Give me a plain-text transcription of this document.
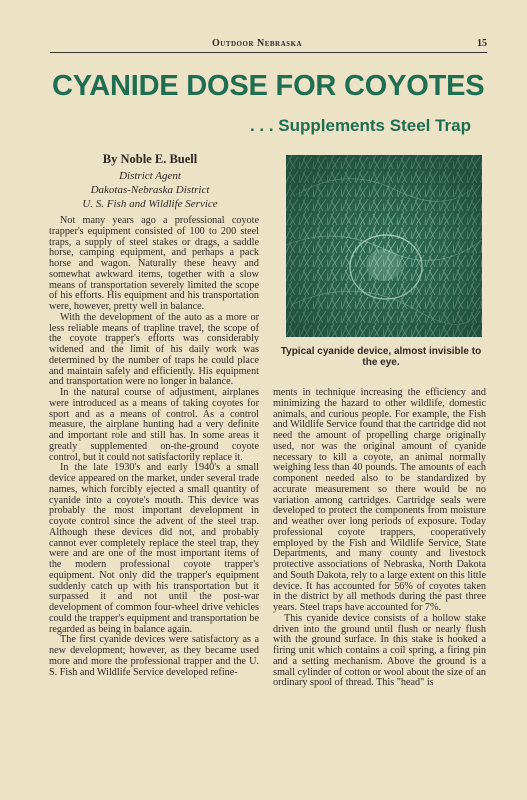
Outdoor Nebraska	15
CYANIDE DOSE FOR COYOTES
. . . Supplements Steel Trap
By Noble E. Buell
District Agent
Dakotas-Nebraska District
U. S. Fish and Wildlife Service
Typical cyanide device, almost invisible to the eye.

Not many years ago a professional coyote trapper's equipment consisted of 100 to 200 steel traps, a supply of steel stakes or drags, a saddle horse, camping equipment, and perhaps a pack horse and wagon. Naturally these heavy and somewhat awkward items, together with a slow means of transportation severely limited the scope of his efforts. His equipment and his transportation were, however, pretty well in balance.

With the development of the auto as a more or less reliable means of trapline travel, the scope of the coyote trapper's efforts was considerably widened and the limit of his daily work was determined by the number of traps he could place and maintain safely and efficiently. His equipment and transportation were no longer in balance.

In the natural course of adjustment, airplanes were introduced as a means of taking coyotes for sport and as a means of control. As a control measure, the airplane hunting had a very definite and important role and still has. In some areas it greatly supplemented on-the-ground coyote control, but it could not satisfactorily replace it.

In the late 1930's and early 1940's a small device appeared on the market, under several trade names, which forcibly ejected a small quantity of cyanide into a coyote's mouth. This device was probably the most important development in coyote control since the advent of the steel trap. Although these devices did not, and probably cannot ever completely replace the steel trap, they were and are one of the most important items of the modern professional coyote trapper's equipment. Not only did the trapper's equipment suddenly catch up with his transportation but it surpassed it and not until the post-war development of common four-wheel drive vehicles could the trapper's equipment and transportation be regarded as being in balance again.

The first cyanide devices were satisfactory as a new development; however, as they became used more and more the professional trapper and the U. S. Fish and Wildlife Service developed refine-

ments in technique increasing the efficiency and minimizing the hazard to other wildlife, domestic animals, and curious people. For example, the Fish and Wildlife Service found that the cartridge did not need the amount of propelling charge originally used, nor was the original amount of cyanide necessary to kill a coyote, an animal normally weighing less than 40 pounds. The amounts of each component needed also to be standardized by accurate measurement so there would be no variation among cartridges. Cartridge seals were developed to protect the components from moisture and weather over long periods of exposure. Today professional coyote trappers, cooperatively employed by the Fish and Wildlife Service, State Departments, and many county and livestock protective associations of Nebraska, North Dakota and South Dakota, rely to a large extent on this little device. It has accounted for 56% of coyotes taken in the district by all methods during the past three years. Steel traps have accounted for 7%.

This cyanide device consists of a hollow stake driven into the ground until flush or nearly flush with the ground surface. In this stake is hooked a firing unit which contains a coil spring, a firing pin and a setting mechanism. Above the ground is a small cylinder of cotton or wool about the size of an ordinary spool of thread. This "head" is
